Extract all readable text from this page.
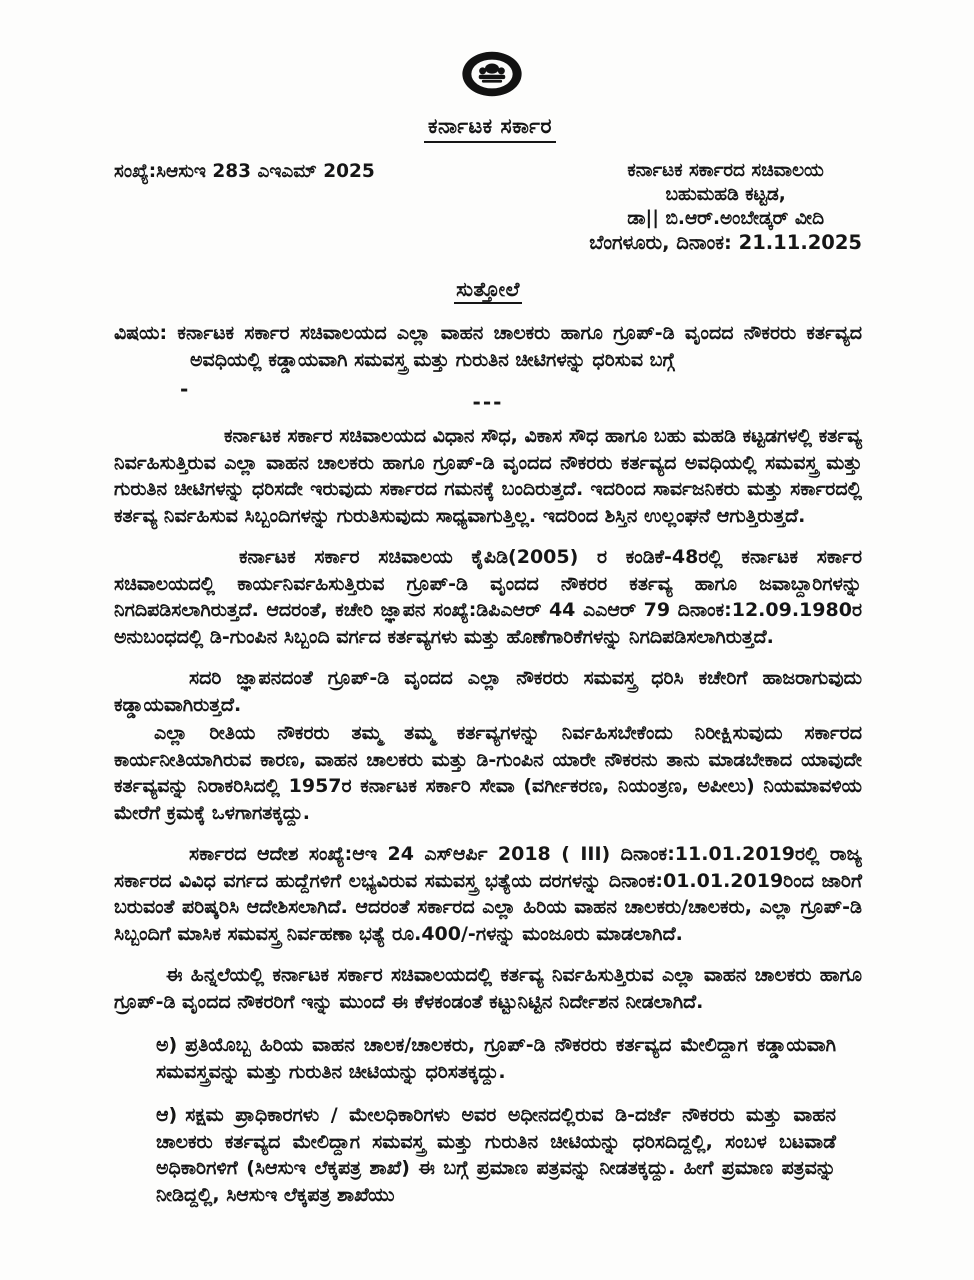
ಕರ್ನಾಟಕ ಸರ್ಕಾರ
ಸಂಖ್ಯೆ:ಸಿಆಸುಇ 283 ಎಇಎಮ್ 2025	ಕರ್ನಾಟಕ ಸರ್ಕಾರದ ಸಚಿವಾಲಯ
ಬಹುಮಹಡಿ ಕಟ್ಟಡ,
ಡಾ|| ಬಿ.ಆರ್.ಅಂಬೇಡ್ಕರ್ ವೀದಿ
ಬೆಂಗಳೂರು, ದಿನಾಂಕ: 21.11.2025
ಸುತ್ತೋಲೆ
ವಿಷಯ: ಕರ್ನಾಟಕ ಸರ್ಕಾರ ಸಚಿವಾಲಯದ ಎಲ್ಲಾ ವಾಹನ ಚಾಲಕರು ಹಾಗೂ ಗ್ರೂಪ್-ಡಿ ವೃಂದದ ನೌಕರರು ಕರ್ತವ್ಯದ ಅವಧಿಯಲ್ಲಿ ಕಡ್ಡಾಯವಾಗಿ ಸಮವಸ್ತ್ರ ಮತ್ತು ಗುರುತಿನ ಚೀಟಿಗಳನ್ನು ಧರಿಸುವ ಬಗ್ಗೆ
-
---
ಕರ್ನಾಟಕ ಸರ್ಕಾರ ಸಚಿವಾಲಯದ ವಿಧಾನ ಸೌಧ, ವಿಕಾಸ ಸೌಧ ಹಾಗೂ ಬಹು ಮಹಡಿ ಕಟ್ಟಡಗಳಲ್ಲಿ ಕರ್ತವ್ಯ ನಿರ್ವಹಿಸುತ್ತಿರುವ ಎಲ್ಲಾ ವಾಹನ ಚಾಲಕರು ಹಾಗೂ ಗ್ರೂಪ್-ಡಿ ವೃಂದದ ನೌಕರರು ಕರ್ತವ್ಯದ ಅವಧಿಯಲ್ಲಿ ಸಮವಸ್ತ್ರ ಮತ್ತು ಗುರುತಿನ ಚೀಟಿಗಳನ್ನು ಧರಿಸದೇ ಇರುವುದು ಸರ್ಕಾರದ ಗಮನಕ್ಕೆ ಬಂದಿರುತ್ತದೆ. ಇದರಿಂದ ಸಾರ್ವಜನಿಕರು ಮತ್ತು ಸರ್ಕಾರದಲ್ಲಿ ಕರ್ತವ್ಯ ನಿರ್ವಹಿಸುವ ಸಿಬ್ಬಂದಿಗಳನ್ನು ಗುರುತಿಸುವುದು ಸಾಧ್ಯವಾಗುತ್ತಿಲ್ಲ. ಇದರಿಂದ ಶಿಸ್ತಿನ ಉಲ್ಲಂಘನೆ ಆಗುತ್ತಿರುತ್ತದೆ.
ಕರ್ನಾಟಕ ಸರ್ಕಾರ ಸಚಿವಾಲಯ ಕೈಪಿಡಿ(2005) ರ ಕಂಡಿಕೆ-48ರಲ್ಲಿ ಕರ್ನಾಟಕ ಸರ್ಕಾರ ಸಚಿವಾಲಯದಲ್ಲಿ ಕಾರ್ಯನಿರ್ವಹಿಸುತ್ತಿರುವ ಗ್ರೂಪ್-ಡಿ ವೃಂದದ ನೌಕರರ ಕರ್ತವ್ಯ ಹಾಗೂ ಜವಾಬ್ದಾರಿಗಳನ್ನು ನಿಗದಿಪಡಿಸಲಾಗಿರುತ್ತದೆ. ಆದರಂತೆ, ಕಚೇರಿ ಜ್ಞಾಪನ ಸಂಖ್ಯೆ:ಡಿಪಿಎಆರ್ 44 ಎಎಆರ್ 79 ದಿನಾಂಕ:12.09.1980ರ ಅನುಬಂಧದಲ್ಲಿ ಡಿ-ಗುಂಪಿನ ಸಿಬ್ಬಂದಿ ವರ್ಗದ ಕರ್ತವ್ಯಗಳು ಮತ್ತು ಹೊಣೆಗಾರಿಕೆಗಳನ್ನು ನಿಗದಿಪಡಿಸಲಾಗಿರುತ್ತದೆ.
ಸದರಿ ಜ್ಞಾಪನದಂತೆ ಗ್ರೂಪ್-ಡಿ ವೃಂದದ ಎಲ್ಲಾ ನೌಕರರು ಸಮವಸ್ತ್ರ ಧರಿಸಿ ಕಚೇರಿಗೆ ಹಾಜರಾಗುವುದು ಕಡ್ಡಾಯವಾಗಿರುತ್ತದೆ.
ಎಲ್ಲಾ ರೀತಿಯ ನೌಕರರು ತಮ್ಮ ತಮ್ಮ ಕರ್ತವ್ಯಗಳನ್ನು ನಿರ್ವಹಿಸಬೇಕೆಂದು ನಿರೀಕ್ಷಿಸುವುದು ಸರ್ಕಾರದ ಕಾರ್ಯನೀತಿಯಾಗಿರುವ ಕಾರಣ, ವಾಹನ ಚಾಲಕರು ಮತ್ತು ಡಿ-ಗುಂಪಿನ ಯಾರೇ ನೌಕರನು ತಾನು ಮಾಡಬೇಕಾದ ಯಾವುದೇ ಕರ್ತವ್ಯವನ್ನು ನಿರಾಕರಿಸಿದಲ್ಲಿ 1957ರ ಕರ್ನಾಟಕ ಸರ್ಕಾರಿ ಸೇವಾ (ವರ್ಗೀಕರಣ, ನಿಯಂತ್ರಣ, ಅಪೀಲು) ನಿಯಮಾವಳಿಯ ಮೇರೆಗೆ ಕ್ರಮಕ್ಕೆ ಒಳಗಾಗತಕ್ಕದ್ದು.
ಸರ್ಕಾರದ ಆದೇಶ ಸಂಖ್ಯೆ:ಆಇ 24 ಎಸ್ಆರ್ಪಿ 2018 ( III) ದಿನಾಂಕ:11.01.2019ರಲ್ಲಿ ರಾಜ್ಯ ಸರ್ಕಾರದ ವಿವಿಧ ವರ್ಗದ ಹುದ್ದೆಗಳಿಗೆ ಲಭ್ಯವಿರುವ ಸಮವಸ್ತ್ರ ಭತ್ಯೆಯ ದರಗಳನ್ನು ದಿನಾಂಕ:01.01.2019ರಿಂದ ಜಾರಿಗೆ ಬರುವಂತೆ ಪರಿಷ್ಕರಿಸಿ ಆದೇಶಿಸಲಾಗಿದೆ. ಆದರಂತೆ ಸರ್ಕಾರದ ಎಲ್ಲಾ ಹಿರಿಯ ವಾಹನ ಚಾಲಕರು/ಚಾಲಕರು, ಎಲ್ಲಾ ಗ್ರೂಪ್-ಡಿ ಸಿಬ್ಬಂದಿಗೆ ಮಾಸಿಕ ಸಮವಸ್ತ್ರ ನಿರ್ವಹಣಾ ಭತ್ಯೆ ರೂ.400/-ಗಳನ್ನು ಮಂಜೂರು ಮಾಡಲಾಗಿದೆ.
ಈ ಹಿನ್ನಲೆಯಲ್ಲಿ ಕರ್ನಾಟಕ ಸರ್ಕಾರ ಸಚಿವಾಲಯದಲ್ಲಿ ಕರ್ತವ್ಯ ನಿರ್ವಹಿಸುತ್ತಿರುವ ಎಲ್ಲಾ ವಾಹನ ಚಾಲಕರು ಹಾಗೂ ಗ್ರೂಪ್-ಡಿ ವೃಂದದ ನೌಕರರಿಗೆ ಇನ್ನು ಮುಂದೆ ಈ ಕೆಳಕಂಡಂತೆ ಕಟ್ಟುನಿಟ್ಟಿನ ನಿರ್ದೇಶನ ನೀಡಲಾಗಿದೆ.
ಅ) ಪ್ರತಿಯೊಬ್ಬ ಹಿರಿಯ ವಾಹನ ಚಾಲಕ/ಚಾಲಕರು, ಗ್ರೂಪ್-ಡಿ ನೌಕರರು ಕರ್ತವ್ಯದ ಮೇಲಿದ್ದಾಗ ಕಡ್ಡಾಯವಾಗಿ ಸಮವಸ್ತ್ರವನ್ನು ಮತ್ತು ಗುರುತಿನ ಚೀಟಿಯನ್ನು ಧರಿಸತಕ್ಕದ್ದು.
ಆ) ಸಕ್ಷಮ ಪ್ರಾಧಿಕಾರಗಳು / ಮೇಲಧಿಕಾರಿಗಳು ಅವರ ಅಧೀನದಲ್ಲಿರುವ ಡಿ-ದರ್ಜೆ ನೌಕರರು ಮತ್ತು ವಾಹನ ಚಾಲಕರು ಕರ್ತವ್ಯದ ಮೇಲಿದ್ದಾಗ ಸಮವಸ್ತ್ರ ಮತ್ತು ಗುರುತಿನ ಚೀಟಿಯನ್ನು ಧರಿಸದಿದ್ದಲ್ಲಿ, ಸಂಬಳ ಬಟವಾಡೆ ಅಧಿಕಾರಿಗಳಿಗೆ (ಸಿಆಸುಇ ಲೆಕ್ಕಪತ್ರ ಶಾಖೆ) ಈ ಬಗ್ಗೆ ಪ್ರಮಾಣ ಪತ್ರವನ್ನು ನೀಡತಕ್ಕದ್ದು. ಹೀಗೆ ಪ್ರಮಾಣ ಪತ್ರವನ್ನು ನೀಡಿದ್ದಲ್ಲಿ, ಸಿಆಸುಇ ಲೆಕ್ಕಪತ್ರ ಶಾಖೆಯು
